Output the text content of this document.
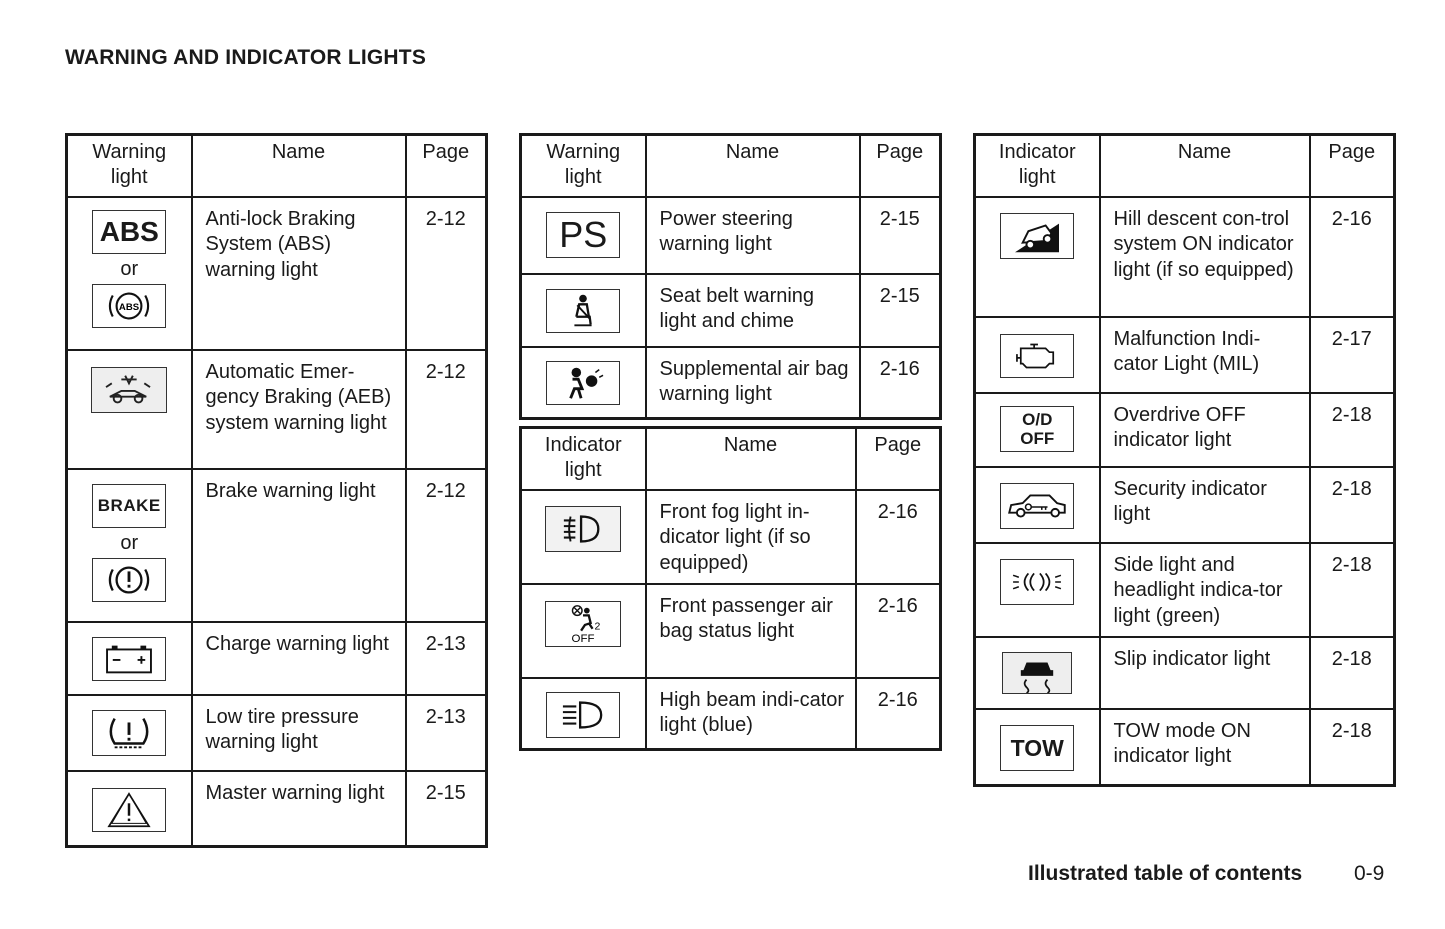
WARNING AND INDICATOR LIGHTS
Warning light	Name	Page
ABS
or
ABS	Anti-lock Braking System (ABS) warning light	2-12

	Automatic Emer-gency Braking (AEB) system warning light	2-12
BRAKE
or	Brake warning light	2-12

	Charge warning light	2-13

	Low tire pressure warning light	2-13

	Master warning light	2-15
Warning light	Name	Page
PS	Power steering warning light	2-15

	Seat belt warning light and chime	2-15

	Supplemental air bag warning light	2-16
Indicator light	Name	Page

	Front fog light in-dicator light (if so equipped)	2-16

2
OFF	Front passenger air bag status light	2-16

	High beam indi-cator light (blue)	2-16
Indicator light	Name	Page

	Hill descent con-trol system ON indicator light (if so equipped)	2-16

	Malfunction Indi-cator Light (MIL)	2-17

O/D
OFF	Overdrive OFF indicator light	2-18

	Security indicator light	2-18

	Side light and headlight indica-tor light (green)	2-18

	Slip indicator light	2-18
TOW	TOW mode ON indicator light	2-18
Illustrated table of contents 0-9
